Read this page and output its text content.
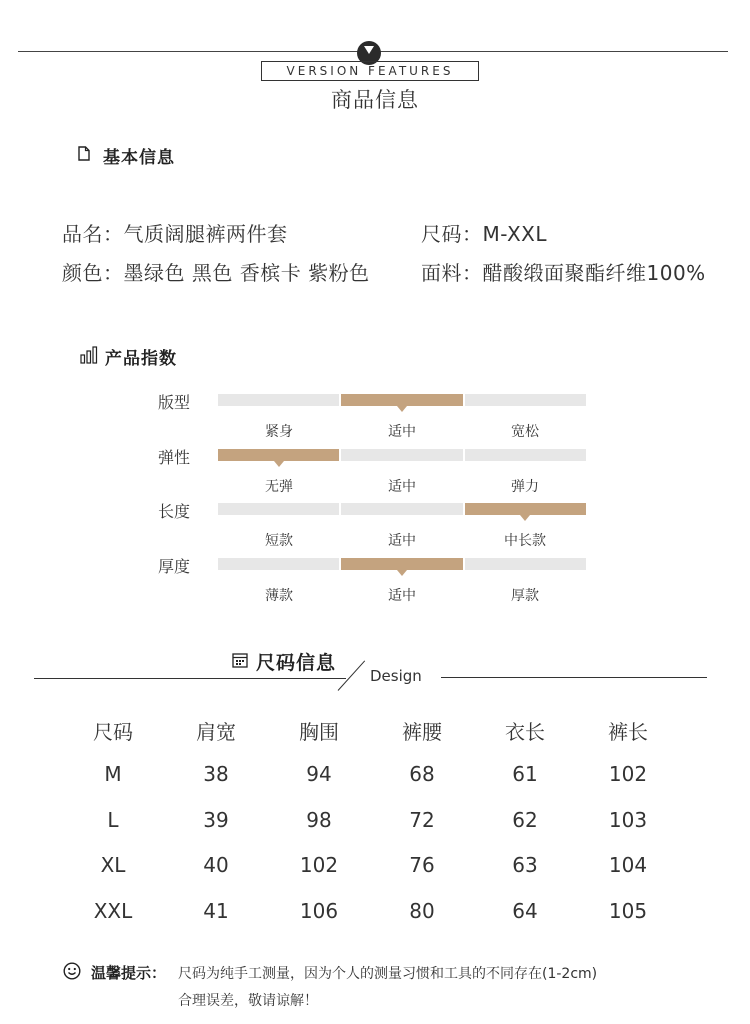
VERSION FEATURES
商品信息
基本信息
品名：气质阔腿裤两件套	尺码：M-XXL
颜色：墨绿色 黑色 香槟卡 紫粉色	面料：醋酸缎面聚酯纤维100%
产品指数
版型
紧身	适中	宽松
弹性
无弹	适中	弹力
长度
短款	适中	中长款
厚度
薄款	适中	厚款
尺码信息
Design
尺码	肩宽	胸围	裤腰	衣长	裤长
M	38	94	68	61	102
L	39	98	72	62	103
XL	40	102	76	63	104
XXL	41	106	80	64	105
温馨提示： 尺码为纯手工测量，因为个人的测量习惯和工具的不同存在(1-2cm)
合理误差，敬请谅解！
